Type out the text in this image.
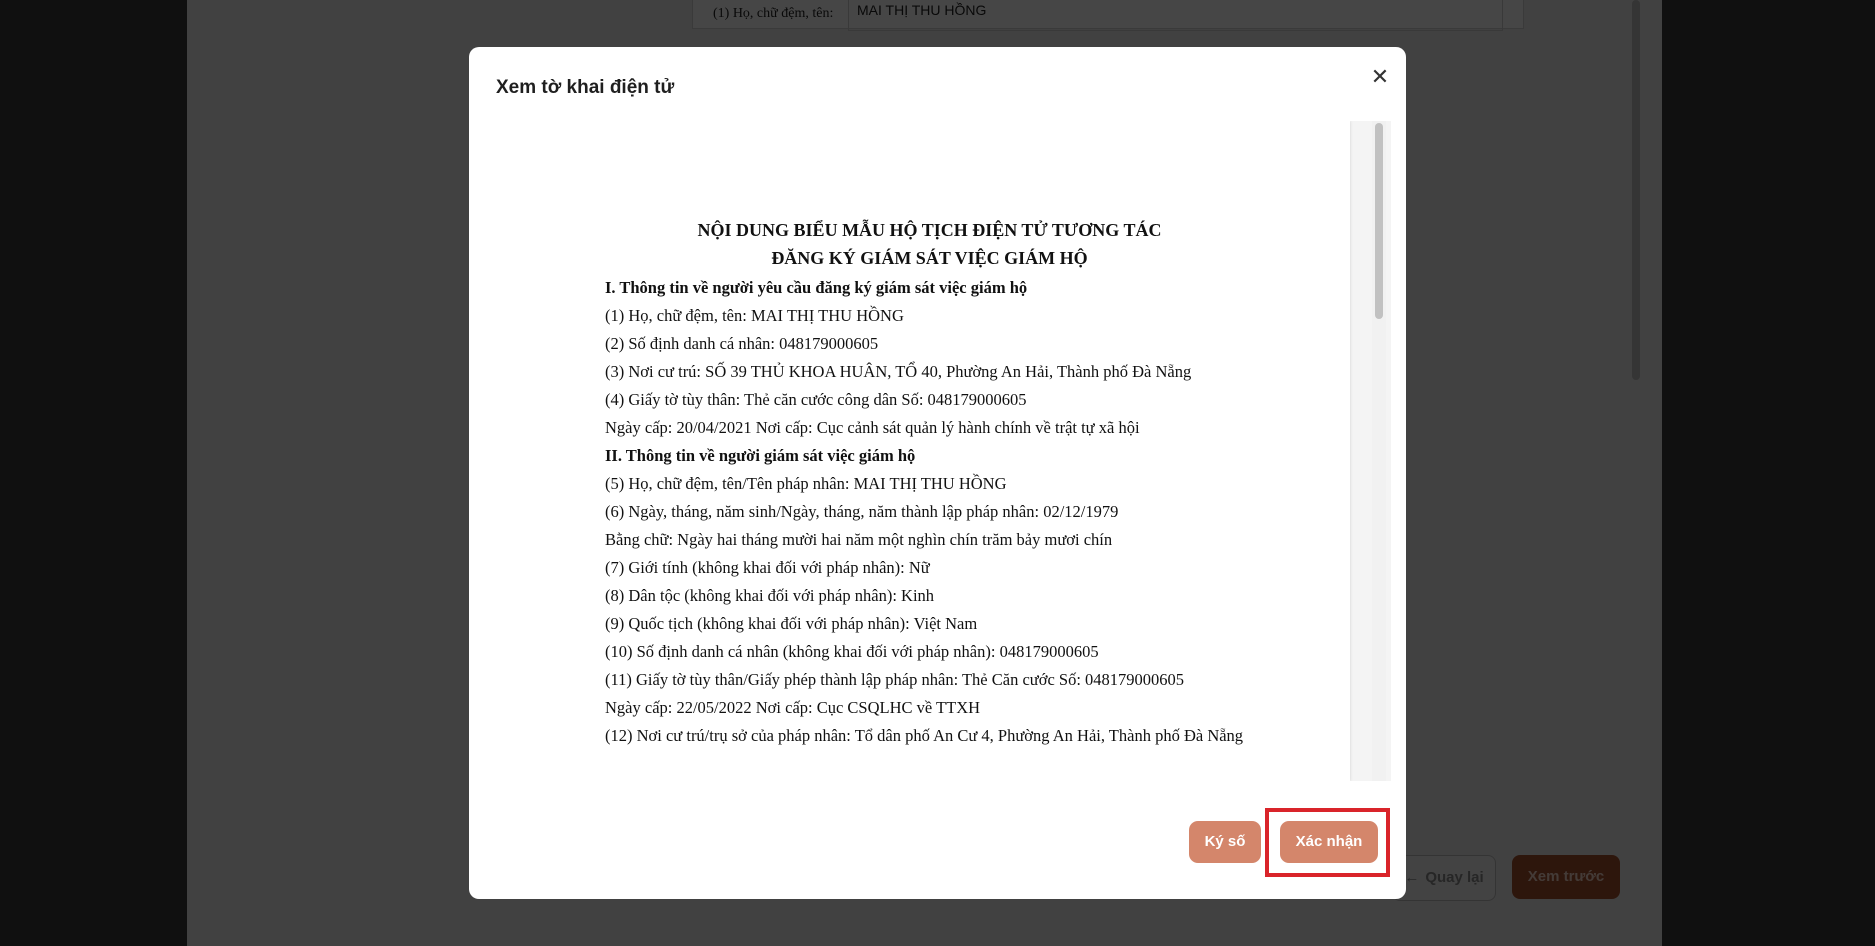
Xem tờ khai điện tử	✕
NỘI DUNG BIỂU MẪU HỘ TỊCH ĐIỆN TỬ TƯƠNG TÁC
ĐĂNG KÝ GIÁM SÁT VIỆC GIÁM HỘ
I. Thông tin về người yêu cầu đăng ký giám sát việc giám hộ
(1) Họ, chữ đệm, tên: MAI THỊ THU HỒNG
(2) Số định danh cá nhân: 048179000605
(3) Nơi cư trú: SỐ 39 THỦ KHOA HUÂN, TỔ 40, Phường An Hải, Thành phố Đà Nẵng
(4) Giấy tờ tùy thân: Thẻ căn cước công dân Số: 048179000605
Ngày cấp: 20/04/2021 Nơi cấp: Cục cảnh sát quản lý hành chính về trật tự xã hội
II. Thông tin về người giám sát việc giám hộ
(5) Họ, chữ đệm, tên/Tên pháp nhân: MAI THỊ THU HỒNG
(6) Ngày, tháng, năm sinh/Ngày, tháng, năm thành lập pháp nhân: 02/12/1979
Bằng chữ: Ngày hai tháng mười hai năm một nghìn chín trăm bảy mươi chín
(7) Giới tính (không khai đối với pháp nhân): Nữ
(8) Dân tộc (không khai đối với pháp nhân): Kinh
(9) Quốc tịch (không khai đối với pháp nhân): Việt Nam
(10) Số định danh cá nhân (không khai đối với pháp nhân): 048179000605
(11) Giấy tờ tùy thân/Giấy phép thành lập pháp nhân: Thẻ Căn cước Số: 048179000605
Ngày cấp: 22/05/2022 Nơi cấp: Cục CSQLHC về TTXH
(12) Nơi cư trú/trụ sở của pháp nhân: Tổ dân phố An Cư 4, Phường An Hải, Thành phố Đà Nẵng
Ký số	Xác nhận
